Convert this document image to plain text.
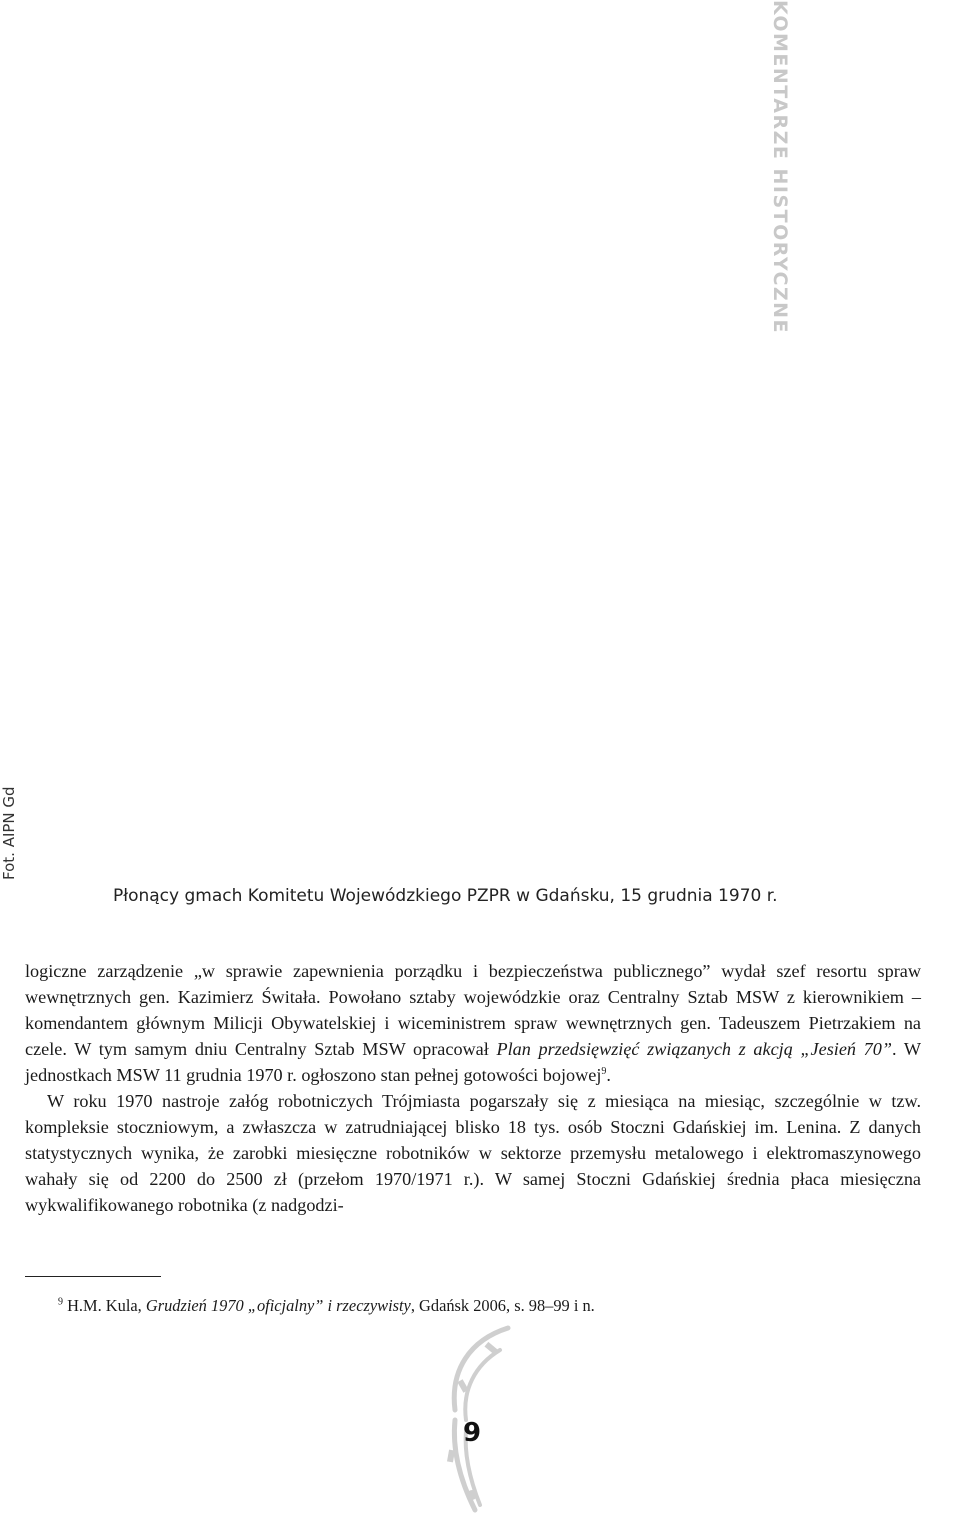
KOMENTARZE HISTORYCZNE
Fot. AIPN Gd
Płonący gmach Komitetu Wojewódzkiego PZPR w Gdańsku, 15 grudnia 1970 r.

logiczne zarządzenie „w sprawie zapewnienia porządku i bezpieczeństwa publicznego” wydał szef resortu spraw wewnętrznych gen. Kazimierz Świtała. Powołano sztaby wojewódzkie oraz Centralny Sztab MSW z kierownikiem – komendantem głównym Milicji Obywatelskiej i wiceministrem spraw wewnętrznych gen. Tadeuszem Pietrzakiem na czele. W tym samym dniu Centralny Sztab MSW opracował Plan przedsięwzięć związanych z akcją „Jesień 70”. W jednostkach MSW 11 grudnia 1970 r. ogłoszono stan pełnej gotowości bojowej$^9$.

W roku 1970 nastroje załóg robotniczych Trójmiasta pogarszały się z miesiąca na miesiąc, szczególnie w tzw. kompleksie stoczniowym, a zwłaszcza w zatrudniającej blisko 18 tys. osób Stoczni Gdańskiej im. Lenina. Z danych statystycznych wynika, że zarobki miesięczne robotników w sektorze przemysłu metalowego i elektromaszynowego wahały się od 2200 do 2500 zł (przełom 1970/1971 r.). W samej Stoczni Gdańskiej średnia płaca miesięczna wykwalifikowanego robotnika (z nadgodzi-

$^9$ H.M. Kula, Grudzień 1970 „oficjalny” i rzeczywisty, Gdańsk 2006, s. 98–99 i n.
9
